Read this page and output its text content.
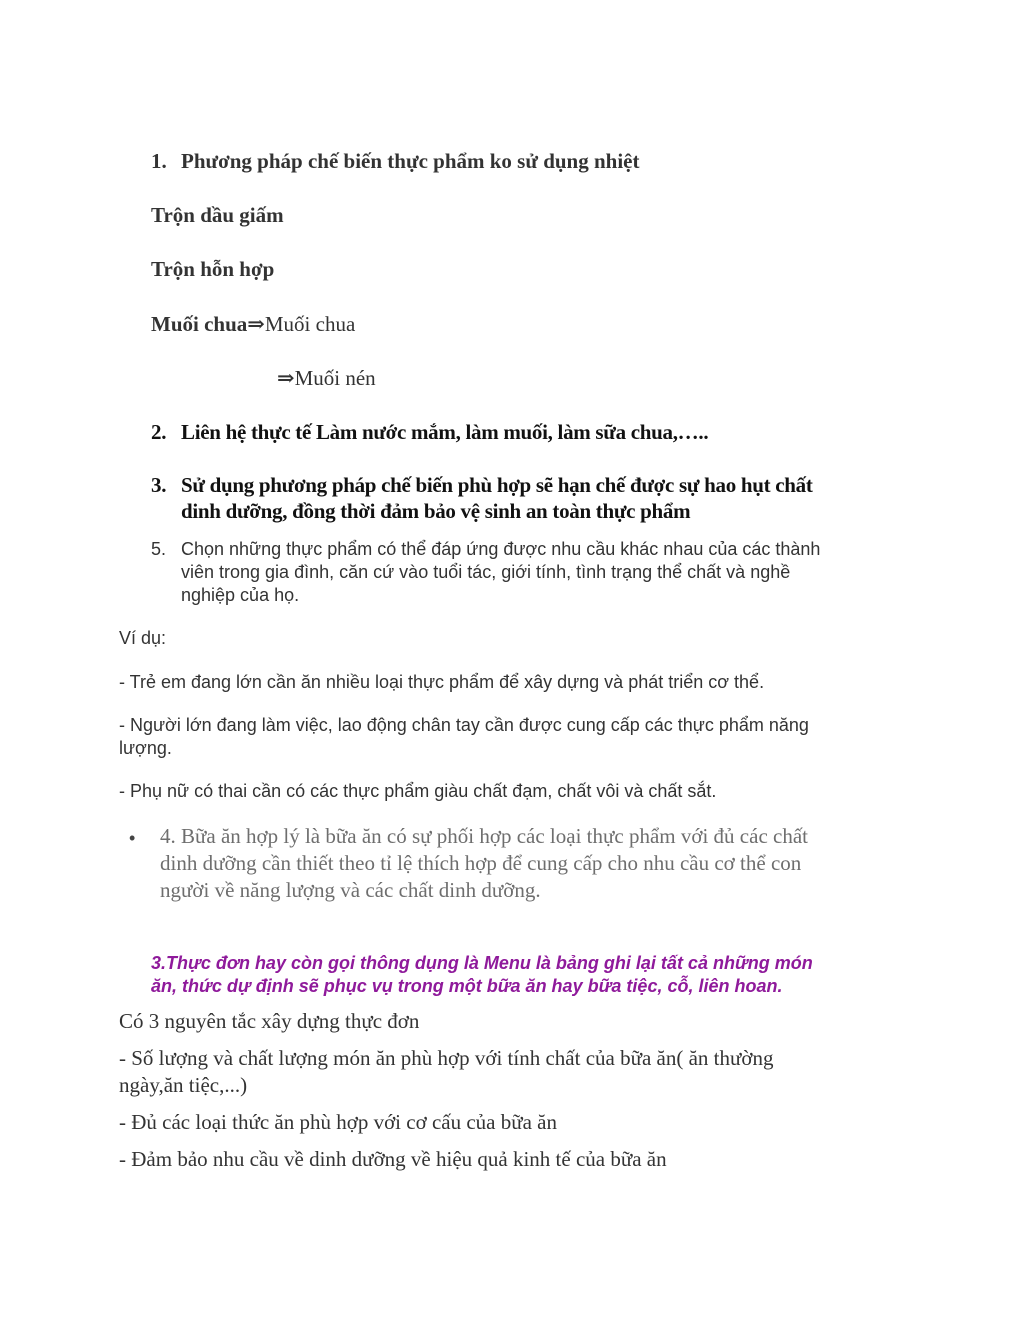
1. Phương pháp chế biến thực phẩm ko sử dụng nhiệt
Trộn dầu giấm
Trộn hỗn hợp
Muối chua⇒Muối chua
⇒Muối nén
2. Liên hệ thực tế Làm nước mắm, làm muối, làm sữa chua,…..
3. Sử dụng phương pháp chế biến phù hợp sẽ hạn chế được sự hao hụt chất
dinh dưỡng, đồng thời đảm bảo vệ sinh an toàn thực phẩm
5. Chọn những thực phẩm có thể đáp ứng được nhu cầu khác nhau của các thành
viên trong gia đình, căn cứ vào tuổi tác, giới tính, tình trạng thể chất và nghề
nghiệp của họ.
Ví dụ:
- Trẻ em đang lớn cần ăn nhiều loại thực phẩm để xây dựng và phát triển cơ thể.
- Người lớn đang làm việc, lao động chân tay cần được cung cấp các thực phẩm năng
lượng.
- Phụ nữ có thai cần có các thực phẩm giàu chất đạm, chất vôi và chất sắt.
• 4. Bữa ăn hợp lý là bữa ăn có sự phối hợp các loại thực phẩm với đủ các chất
dinh dưỡng cần thiết theo tỉ lệ thích hợp để cung cấp cho nhu cầu cơ thể con
người về năng lượng và các chất dinh dưỡng.
3.Thực đơn hay còn gọi thông dụng là Menu là bảng ghi lại tất cả những món
ăn, thức dự định sẽ phục vụ trong một bữa ăn hay bữa tiệc, cỗ, liên hoan.
Có 3 nguyên tắc xây dựng thực đơn
- Số lượng và chất lượng món ăn phù hợp với tính chất của bữa ăn( ăn thường
ngày,ăn tiệc,...)
- Đủ các loại thức ăn phù hợp với cơ cấu của bữa ăn
- Đảm bảo nhu cầu về dinh dưỡng về hiệu quả kinh tế của bữa ăn
